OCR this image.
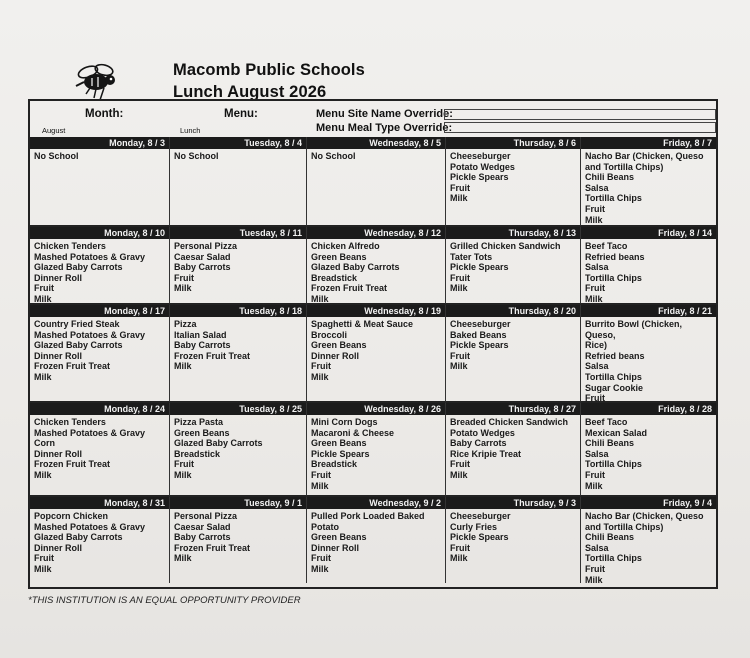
Macomb Public Schools
Lunch August 2026
Month:
August
Menu:
Lunch
Menu Site Name Override:
Menu Meal Type Override:
Monday, 8 / 3
No School
Tuesday, 8 / 4
No School
Wednesday, 8 / 5
No School
Thursday, 8 / 6
Cheeseburger
Potato Wedges
Pickle Spears
Fruit
Milk
Friday, 8 / 7
Nacho Bar (Chicken, Queso
and Tortilla Chips)
Chili Beans
Salsa
Tortilla Chips
Fruit
Milk
Monday, 8 / 10
Chicken Tenders
Mashed Potatoes & Gravy
Glazed Baby Carrots
Dinner Roll
Fruit
Milk
Tuesday, 8 / 11
Personal Pizza
Caesar Salad
Baby Carrots
Fruit
Milk
Wednesday, 8 / 12
Chicken Alfredo
Green Beans
Glazed Baby Carrots
Breadstick
Frozen Fruit Treat
Milk
Thursday, 8 / 13
Grilled Chicken Sandwich
Tater Tots
Pickle Spears
Fruit
Milk
Friday, 8 / 14
Beef Taco
Refried beans
Salsa
Tortilla Chips
Fruit
Milk
Monday, 8 / 17
Country Fried Steak
Mashed Potatoes & Gravy
Glazed Baby Carrots
Dinner Roll
Frozen Fruit Treat
Milk
Tuesday, 8 / 18
Pizza
Italian Salad
Baby Carrots
Frozen Fruit Treat
Milk
Wednesday, 8 / 19
Spaghetti & Meat Sauce
Broccoli
Green Beans
Dinner Roll
Fruit
Milk
Thursday, 8 / 20
Cheeseburger
Baked Beans
Pickle Spears
Fruit
Milk
Friday, 8 / 21
Burrito Bowl (Chicken, Queso,
Rice)
Refried beans
Salsa
Tortilla Chips
Sugar Cookie
Fruit
Monday, 8 / 24
Chicken Tenders
Mashed Potatoes & Gravy
Corn
Dinner Roll
Frozen Fruit Treat
Milk
Tuesday, 8 / 25
Pizza Pasta
Green Beans
Glazed Baby Carrots
Breadstick
Fruit
Milk
Wednesday, 8 / 26
Mini Corn Dogs
Macaroni & Cheese
Green Beans
Pickle Spears
Breadstick
Fruit
Milk
Thursday, 8 / 27
Breaded Chicken Sandwich
Potato Wedges
Baby Carrots
Rice Kripie Treat
Fruit
Milk
Friday, 8 / 28
Beef Taco
Mexican Salad
Chili Beans
Salsa
Tortilla Chips
Fruit
Milk
Monday, 8 / 31
Popcorn Chicken
Mashed Potatoes & Gravy
Glazed Baby Carrots
Dinner Roll
Fruit
Milk
Tuesday, 9 / 1
Personal Pizza
Caesar Salad
Baby Carrots
Frozen Fruit Treat
Milk
Wednesday, 9 / 2
Pulled Pork Loaded Baked
Potato
Green Beans
Dinner Roll
Fruit
Milk
Thursday, 9 / 3
Cheeseburger
Curly Fries
Pickle Spears
Fruit
Milk
Friday, 9 / 4
Nacho Bar (Chicken, Queso
and Tortilla Chips)
Chili Beans
Salsa
Tortilla Chips
Fruit
Milk
*THIS INSTITUTION IS AN EQUAL OPPORTUNITY PROVIDER
